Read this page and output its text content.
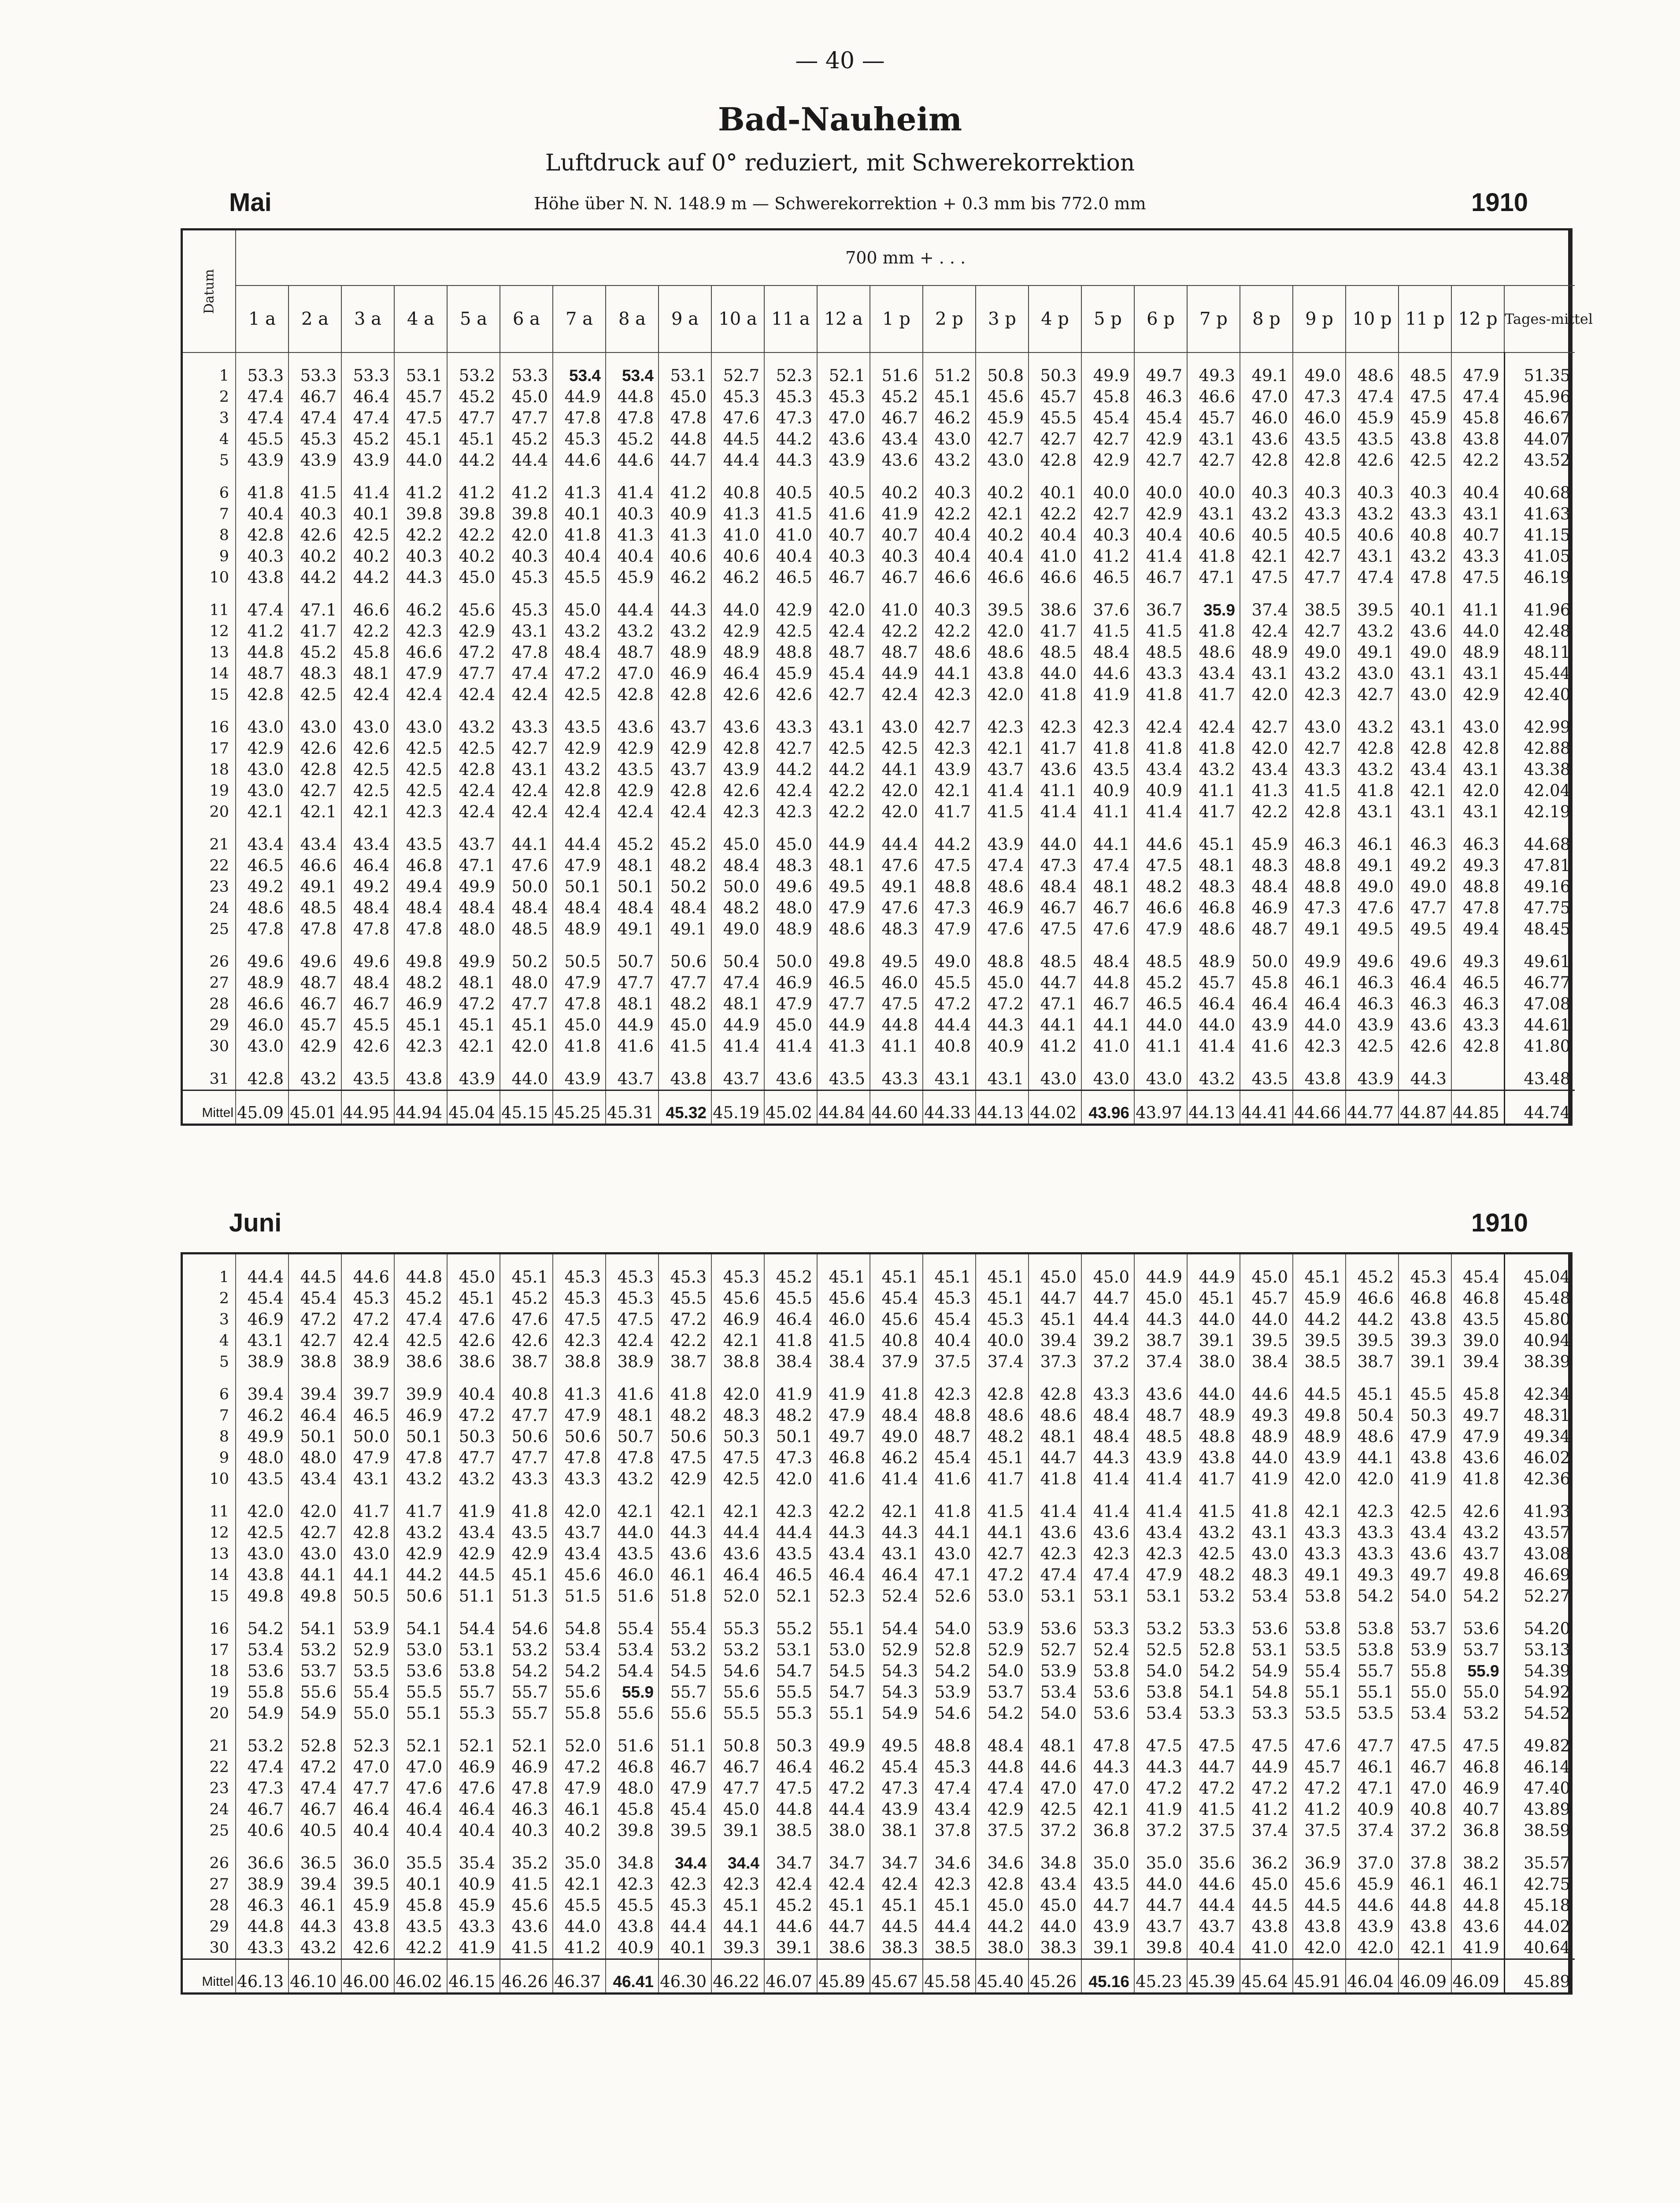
— 40 —
Bad-Nauheim
Luftdruck auf 0° reduziert, mit Schwerekorrektion
Höhe über N. N. 148.9 m — Schwerekorrektion + 0.3 mm bis 772.0 mm
Mai	1910
Datum	700 mm + . . .																								
	1 a	2 a	3 a	4 a	5 a	6 a	7 a	8 a	9 a	10 a	11 a	12 a	1 p	2 p	3 p	4 p	5 p	6 p	7 p	8 p	9 p	10 p	11 p	12 p	Tages-mittel
1	53.3	53.3	53.3	53.1	53.2	53.3	53.4	53.4	53.1	52.7	52.3	52.1	51.6	51.2	50.8	50.3	49.9	49.7	49.3	49.1	49.0	48.6	48.5	47.9	51.35
2	47.4	46.7	46.4	45.7	45.2	45.0	44.9	44.8	45.0	45.3	45.3	45.3	45.2	45.1	45.6	45.7	45.8	46.3	46.6	47.0	47.3	47.4	47.5	47.4	45.96
3	47.4	47.4	47.4	47.5	47.7	47.7	47.8	47.8	47.8	47.6	47.3	47.0	46.7	46.2	45.9	45.5	45.4	45.4	45.7	46.0	46.0	45.9	45.9	45.8	46.67
4	45.5	45.3	45.2	45.1	45.1	45.2	45.3	45.2	44.8	44.5	44.2	43.6	43.4	43.0	42.7	42.7	42.7	42.9	43.1	43.6	43.5	43.5	43.8	43.8	44.07
5	43.9	43.9	43.9	44.0	44.2	44.4	44.6	44.6	44.7	44.4	44.3	43.9	43.6	43.2	43.0	42.8	42.9	42.7	42.7	42.8	42.8	42.6	42.5	42.2	43.52
6	41.8	41.5	41.4	41.2	41.2	41.2	41.3	41.4	41.2	40.8	40.5	40.5	40.2	40.3	40.2	40.1	40.0	40.0	40.0	40.3	40.3	40.3	40.3	40.4	40.68
7	40.4	40.3	40.1	39.8	39.8	39.8	40.1	40.3	40.9	41.3	41.5	41.6	41.9	42.2	42.1	42.2	42.7	42.9	43.1	43.2	43.3	43.2	43.3	43.1	41.63
8	42.8	42.6	42.5	42.2	42.2	42.0	41.8	41.3	41.3	41.0	41.0	40.7	40.7	40.4	40.2	40.4	40.3	40.4	40.6	40.5	40.5	40.6	40.8	40.7	41.15
9	40.3	40.2	40.2	40.3	40.2	40.3	40.4	40.4	40.6	40.6	40.4	40.3	40.3	40.4	40.4	41.0	41.2	41.4	41.8	42.1	42.7	43.1	43.2	43.3	41.05
10	43.8	44.2	44.2	44.3	45.0	45.3	45.5	45.9	46.2	46.2	46.5	46.7	46.7	46.6	46.6	46.6	46.5	46.7	47.1	47.5	47.7	47.4	47.8	47.5	46.19
11	47.4	47.1	46.6	46.2	45.6	45.3	45.0	44.4	44.3	44.0	42.9	42.0	41.0	40.3	39.5	38.6	37.6	36.7	35.9	37.4	38.5	39.5	40.1	41.1	41.96
12	41.2	41.7	42.2	42.3	42.9	43.1	43.2	43.2	43.2	42.9	42.5	42.4	42.2	42.2	42.0	41.7	41.5	41.5	41.8	42.4	42.7	43.2	43.6	44.0	42.48
13	44.8	45.2	45.8	46.6	47.2	47.8	48.4	48.7	48.9	48.9	48.8	48.7	48.7	48.6	48.6	48.5	48.4	48.5	48.6	48.9	49.0	49.1	49.0	48.9	48.11
14	48.7	48.3	48.1	47.9	47.7	47.4	47.2	47.0	46.9	46.4	45.9	45.4	44.9	44.1	43.8	44.0	44.6	43.3	43.4	43.1	43.2	43.0	43.1	43.1	45.44
15	42.8	42.5	42.4	42.4	42.4	42.4	42.5	42.8	42.8	42.6	42.6	42.7	42.4	42.3	42.0	41.8	41.9	41.8	41.7	42.0	42.3	42.7	43.0	42.9	42.40
16	43.0	43.0	43.0	43.0	43.2	43.3	43.5	43.6	43.7	43.6	43.3	43.1	43.0	42.7	42.3	42.3	42.3	42.4	42.4	42.7	43.0	43.2	43.1	43.0	42.99
17	42.9	42.6	42.6	42.5	42.5	42.7	42.9	42.9	42.9	42.8	42.7	42.5	42.5	42.3	42.1	41.7	41.8	41.8	41.8	42.0	42.7	42.8	42.8	42.8	42.88
18	43.0	42.8	42.5	42.5	42.8	43.1	43.2	43.5	43.7	43.9	44.2	44.2	44.1	43.9	43.7	43.6	43.5	43.4	43.2	43.4	43.3	43.2	43.4	43.1	43.38
19	43.0	42.7	42.5	42.5	42.4	42.4	42.8	42.9	42.8	42.6	42.4	42.2	42.0	42.1	41.4	41.1	40.9	40.9	41.1	41.3	41.5	41.8	42.1	42.0	42.04
20	42.1	42.1	42.1	42.3	42.4	42.4	42.4	42.4	42.4	42.3	42.3	42.2	42.0	41.7	41.5	41.4	41.1	41.4	41.7	42.2	42.8	43.1	43.1	43.1	42.19
21	43.4	43.4	43.4	43.5	43.7	44.1	44.4	45.2	45.2	45.0	45.0	44.9	44.4	44.2	43.9	44.0	44.1	44.6	45.1	45.9	46.3	46.1	46.3	46.3	44.68
22	46.5	46.6	46.4	46.8	47.1	47.6	47.9	48.1	48.2	48.4	48.3	48.1	47.6	47.5	47.4	47.3	47.4	47.5	48.1	48.3	48.8	49.1	49.2	49.3	47.81
23	49.2	49.1	49.2	49.4	49.9	50.0	50.1	50.1	50.2	50.0	49.6	49.5	49.1	48.8	48.6	48.4	48.1	48.2	48.3	48.4	48.8	49.0	49.0	48.8	49.16
24	48.6	48.5	48.4	48.4	48.4	48.4	48.4	48.4	48.4	48.2	48.0	47.9	47.6	47.3	46.9	46.7	46.7	46.6	46.8	46.9	47.3	47.6	47.7	47.8	47.75
25	47.8	47.8	47.8	47.8	48.0	48.5	48.9	49.1	49.1	49.0	48.9	48.6	48.3	47.9	47.6	47.5	47.6	47.9	48.6	48.7	49.1	49.5	49.5	49.4	48.45
26	49.6	49.6	49.6	49.8	49.9	50.2	50.5	50.7	50.6	50.4	50.0	49.8	49.5	49.0	48.8	48.5	48.4	48.5	48.9	50.0	49.9	49.6	49.6	49.3	49.61
27	48.9	48.7	48.4	48.2	48.1	48.0	47.9	47.7	47.7	47.4	46.9	46.5	46.0	45.5	45.0	44.7	44.8	45.2	45.7	45.8	46.1	46.3	46.4	46.5	46.77
28	46.6	46.7	46.7	46.9	47.2	47.7	47.8	48.1	48.2	48.1	47.9	47.7	47.5	47.2	47.2	47.1	46.7	46.5	46.4	46.4	46.4	46.3	46.3	46.3	47.08
29	46.0	45.7	45.5	45.1	45.1	45.1	45.0	44.9	45.0	44.9	45.0	44.9	44.8	44.4	44.3	44.1	44.1	44.0	44.0	43.9	44.0	43.9	43.6	43.3	44.61
30	43.0	42.9	42.6	42.3	42.1	42.0	41.8	41.6	41.5	41.4	41.4	41.3	41.1	40.8	40.9	41.2	41.0	41.1	41.4	41.6	42.3	42.5	42.6	42.8	41.80
31	42.8	43.2	43.5	43.8	43.9	44.0	43.9	43.7	43.8	43.7	43.6	43.5	43.3	43.1	43.1	43.0	43.0	43.0	43.2	43.5	43.8	43.9	44.3		43.48
Mittel	45.09	45.01	44.95	44.94	45.04	45.15	45.25	45.31	45.32	45.19	45.02	44.84	44.60	44.33	44.13	44.02	43.96	43.97	44.13	44.41	44.66	44.77	44.87	44.85	44.74
Juni	1910
1	44.4	44.5	44.6	44.8	45.0	45.1	45.3	45.3	45.3	45.3	45.2	45.1	45.1	45.1	45.1	45.0	45.0	44.9	44.9	45.0	45.1	45.2	45.3	45.4	45.04
2	45.4	45.4	45.3	45.2	45.1	45.2	45.3	45.3	45.5	45.6	45.5	45.6	45.4	45.3	45.1	44.7	44.7	45.0	45.1	45.7	45.9	46.6	46.8	46.8	45.48
3	46.9	47.2	47.2	47.4	47.6	47.6	47.5	47.5	47.2	46.9	46.4	46.0	45.6	45.4	45.3	45.1	44.4	44.3	44.0	44.0	44.2	44.2	43.8	43.5	45.80
4	43.1	42.7	42.4	42.5	42.6	42.6	42.3	42.4	42.2	42.1	41.8	41.5	40.8	40.4	40.0	39.4	39.2	38.7	39.1	39.5	39.5	39.5	39.3	39.0	40.94
5	38.9	38.8	38.9	38.6	38.6	38.7	38.8	38.9	38.7	38.8	38.4	38.4	37.9	37.5	37.4	37.3	37.2	37.4	38.0	38.4	38.5	38.7	39.1	39.4	38.39
6	39.4	39.4	39.7	39.9	40.4	40.8	41.3	41.6	41.8	42.0	41.9	41.9	41.8	42.3	42.8	42.8	43.3	43.6	44.0	44.6	44.5	45.1	45.5	45.8	42.34
7	46.2	46.4	46.5	46.9	47.2	47.7	47.9	48.1	48.2	48.3	48.2	47.9	48.4	48.8	48.6	48.6	48.4	48.7	48.9	49.3	49.8	50.4	50.3	49.7	48.31
8	49.9	50.1	50.0	50.1	50.3	50.6	50.6	50.7	50.6	50.3	50.1	49.7	49.0	48.7	48.2	48.1	48.4	48.5	48.8	48.9	48.9	48.6	47.9	47.9	49.34
9	48.0	48.0	47.9	47.8	47.7	47.7	47.8	47.8	47.5	47.5	47.3	46.8	46.2	45.4	45.1	44.7	44.3	43.9	43.8	44.0	43.9	44.1	43.8	43.6	46.02
10	43.5	43.4	43.1	43.2	43.2	43.3	43.3	43.2	42.9	42.5	42.0	41.6	41.4	41.6	41.7	41.8	41.4	41.4	41.7	41.9	42.0	42.0	41.9	41.8	42.36
11	42.0	42.0	41.7	41.7	41.9	41.8	42.0	42.1	42.1	42.1	42.3	42.2	42.1	41.8	41.5	41.4	41.4	41.4	41.5	41.8	42.1	42.3	42.5	42.6	41.93
12	42.5	42.7	42.8	43.2	43.4	43.5	43.7	44.0	44.3	44.4	44.4	44.3	44.3	44.1	44.1	43.6	43.6	43.4	43.2	43.1	43.3	43.3	43.4	43.2	43.57
13	43.0	43.0	43.0	42.9	42.9	42.9	43.4	43.5	43.6	43.6	43.5	43.4	43.1	43.0	42.7	42.3	42.3	42.3	42.5	43.0	43.3	43.3	43.6	43.7	43.08
14	43.8	44.1	44.1	44.2	44.5	45.1	45.6	46.0	46.1	46.4	46.5	46.4	46.4	47.1	47.2	47.4	47.4	47.9	48.2	48.3	49.1	49.3	49.7	49.8	46.69
15	49.8	49.8	50.5	50.6	51.1	51.3	51.5	51.6	51.8	52.0	52.1	52.3	52.4	52.6	53.0	53.1	53.1	53.1	53.2	53.4	53.8	54.2	54.0	54.2	52.27
16	54.2	54.1	53.9	54.1	54.4	54.6	54.8	55.4	55.4	55.3	55.2	55.1	54.4	54.0	53.9	53.6	53.3	53.2	53.3	53.6	53.8	53.8	53.7	53.6	54.20
17	53.4	53.2	52.9	53.0	53.1	53.2	53.4	53.4	53.2	53.2	53.1	53.0	52.9	52.8	52.9	52.7	52.4	52.5	52.8	53.1	53.5	53.8	53.9	53.7	53.13
18	53.6	53.7	53.5	53.6	53.8	54.2	54.2	54.4	54.5	54.6	54.7	54.5	54.3	54.2	54.0	53.9	53.8	54.0	54.2	54.9	55.4	55.7	55.8	55.9	54.39
19	55.8	55.6	55.4	55.5	55.7	55.7	55.6	55.9	55.7	55.6	55.5	54.7	54.3	53.9	53.7	53.4	53.6	53.8	54.1	54.8	55.1	55.1	55.0	55.0	54.92
20	54.9	54.9	55.0	55.1	55.3	55.7	55.8	55.6	55.6	55.5	55.3	55.1	54.9	54.6	54.2	54.0	53.6	53.4	53.3	53.3	53.5	53.5	53.4	53.2	54.52
21	53.2	52.8	52.3	52.1	52.1	52.1	52.0	51.6	51.1	50.8	50.3	49.9	49.5	48.8	48.4	48.1	47.8	47.5	47.5	47.5	47.6	47.7	47.5	47.5	49.82
22	47.4	47.2	47.0	47.0	46.9	46.9	47.2	46.8	46.7	46.7	46.4	46.2	45.4	45.3	44.8	44.6	44.3	44.3	44.7	44.9	45.7	46.1	46.7	46.8	46.14
23	47.3	47.4	47.7	47.6	47.6	47.8	47.9	48.0	47.9	47.7	47.5	47.2	47.3	47.4	47.4	47.0	47.0	47.2	47.2	47.2	47.2	47.1	47.0	46.9	47.40
24	46.7	46.7	46.4	46.4	46.4	46.3	46.1	45.8	45.4	45.0	44.8	44.4	43.9	43.4	42.9	42.5	42.1	41.9	41.5	41.2	41.2	40.9	40.8	40.7	43.89
25	40.6	40.5	40.4	40.4	40.4	40.3	40.2	39.8	39.5	39.1	38.5	38.0	38.1	37.8	37.5	37.2	36.8	37.2	37.5	37.4	37.5	37.4	37.2	36.8	38.59
26	36.6	36.5	36.0	35.5	35.4	35.2	35.0	34.8	34.4	34.4	34.7	34.7	34.7	34.6	34.6	34.8	35.0	35.0	35.6	36.2	36.9	37.0	37.8	38.2	35.57
27	38.9	39.4	39.5	40.1	40.9	41.5	42.1	42.3	42.3	42.3	42.4	42.4	42.4	42.3	42.8	43.4	43.5	44.0	44.6	45.0	45.6	45.9	46.1	46.1	42.75
28	46.3	46.1	45.9	45.8	45.9	45.6	45.5	45.5	45.3	45.1	45.2	45.1	45.1	45.1	45.0	45.0	44.7	44.7	44.4	44.5	44.5	44.6	44.8	44.8	45.18
29	44.8	44.3	43.8	43.5	43.3	43.6	44.0	43.8	44.4	44.1	44.6	44.7	44.5	44.4	44.2	44.0	43.9	43.7	43.7	43.8	43.8	43.9	43.8	43.6	44.02
30	43.3	43.2	42.6	42.2	41.9	41.5	41.2	40.9	40.1	39.3	39.1	38.6	38.3	38.5	38.0	38.3	39.1	39.8	40.4	41.0	42.0	42.0	42.1	41.9	40.64
Mittel	46.13	46.10	46.00	46.02	46.15	46.26	46.37	46.41	46.30	46.22	46.07	45.89	45.67	45.58	45.40	45.26	45.16	45.23	45.39	45.64	45.91	46.04	46.09	46.09	45.89
